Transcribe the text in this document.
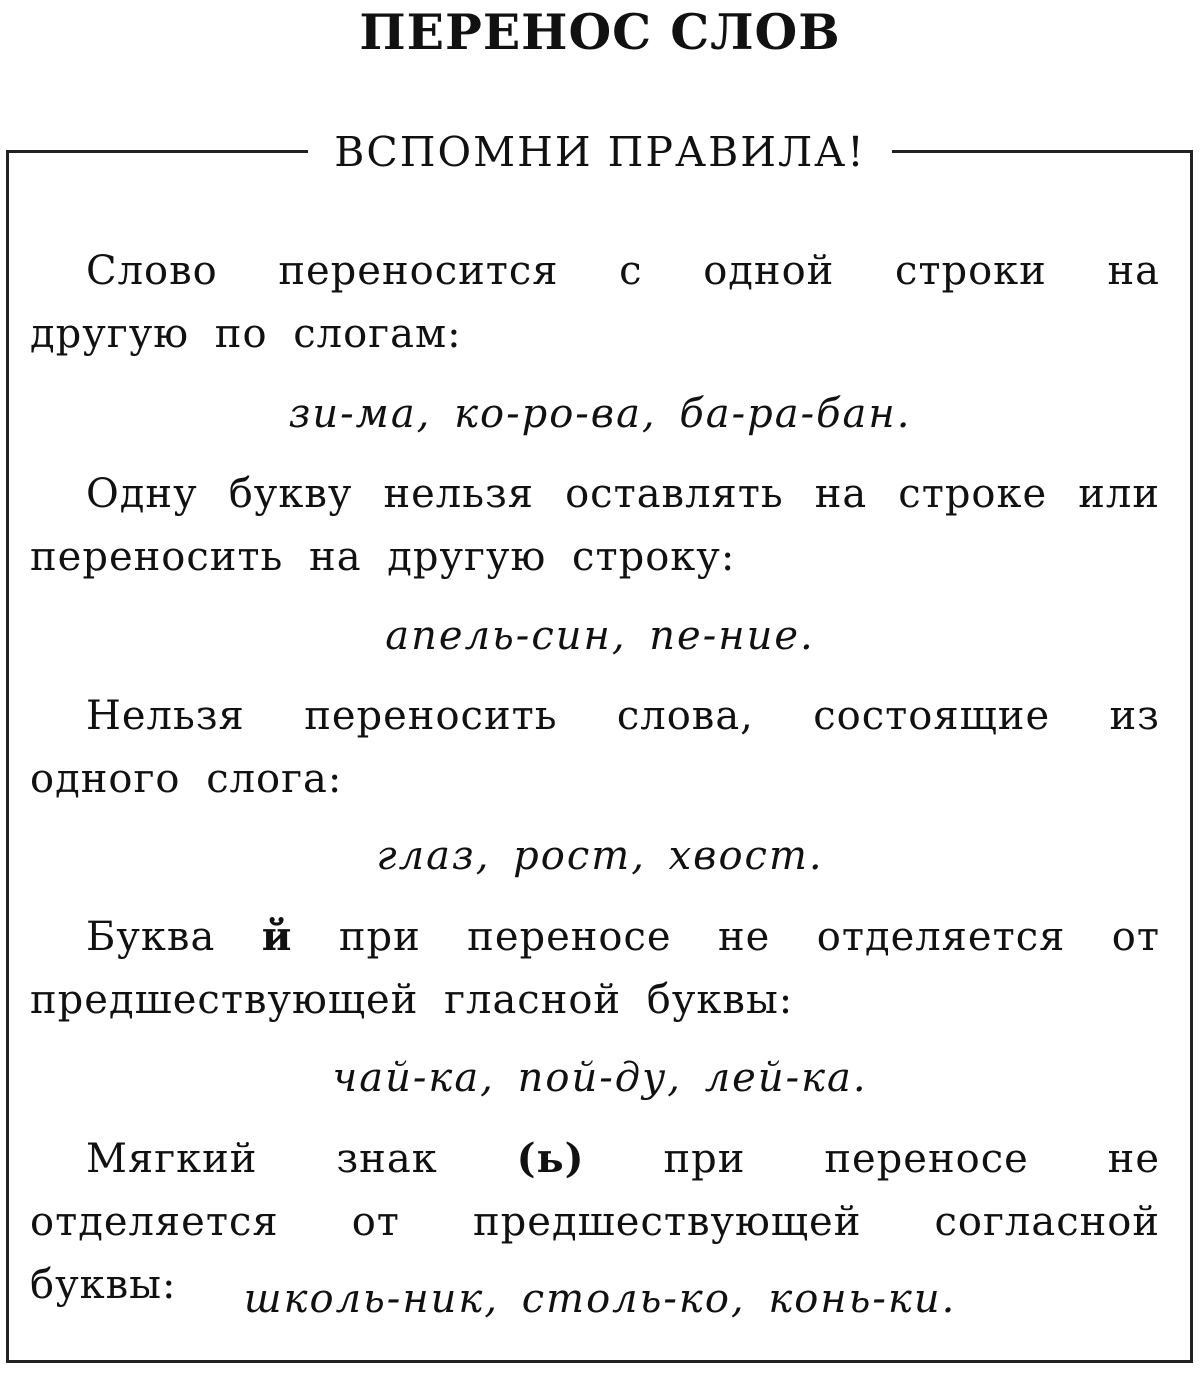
ПЕРЕНОС СЛОВ
ВСПОМНИ ПРАВИЛА!

Слово переносится с одной строки на другую по слогам:

зи-ма, ко-ро-ва, ба-ра-бан.

Одну букву нельзя оставлять на строке или переносить на другую строку:

апель-син, пе-ние.

Нельзя переносить слова, состоящие из одного слога:

глаз, рост, хвост.

Буква й при переносе не отделяется от предшествующей гласной буквы:

чай-ка, пой-ду, лей-ка.

Мягкий знак (ь) при переносе не отделяется от предшествующей согласной буквы:	школь-ник, столь-ко, конь-ки.
